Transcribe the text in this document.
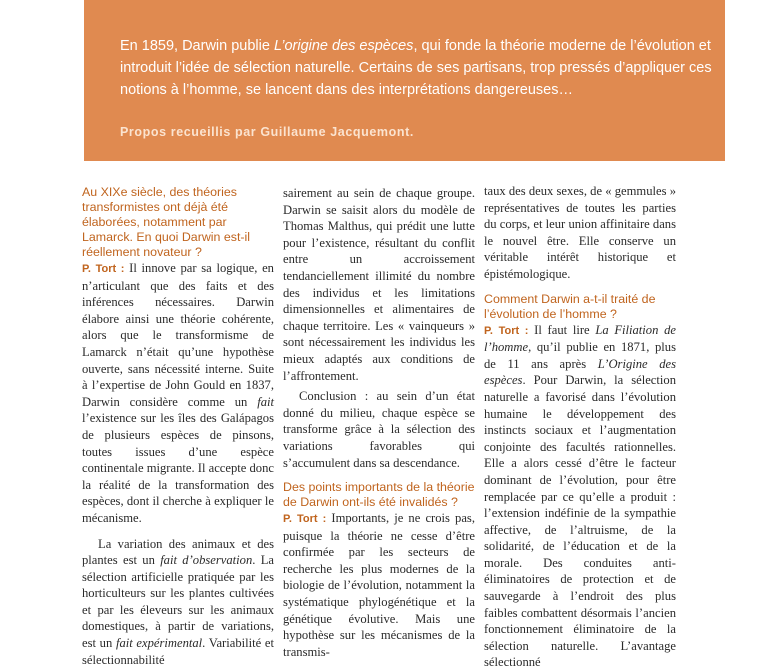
En 1859, Darwin publie L’origine des espèces, qui fonde la théorie moderne de l’évolution et introduit l’idée de sélection naturelle. Certains de ses partisans, trop pressés d’appliquer ces notions à l’homme, se lancent dans des interprétations dangereuses…

Propos recueillis par Guillaume Jacquemont.

Au XIXe siècle, des théories transformistes ont déjà été élaborées, notamment par Lamarck. En quoi Darwin est-il réellement novateur ?

P. Tort : Il innove par sa logique, en n’articulant que des faits et des inférences nécessaires. Darwin élabore ainsi une théorie cohérente, alors que le transformisme de Lamarck n’était qu’une hypothèse ouverte, sans nécessité interne. Suite à l’expertise de John Gould en 1837, Darwin considère comme un fait l’existence sur les îles des Galápagos de plusieurs espèces de pinsons, toutes issues d’une espèce continentale migrante. Il accepte donc la réalité de la transformation des espèces, dont il cherche à expliquer le mécanisme.

La variation des animaux et des plantes est un fait d’observation. La sélection artificielle pratiquée par les horticulteurs sur les plantes cultivées et par les éleveurs sur les animaux domestiques, à partir de variations, est un fait expérimental. Variabilité et sélectionnabilité

sairement au sein de chaque groupe. Darwin se saisit alors du modèle de Thomas Malthus, qui prédit une lutte pour l’existence, résultant du conflit entre un accroissement tendanciellement illimité du nombre des individus et les limitations dimensionnelles et alimentaires de chaque territoire. Les « vainqueurs » sont nécessairement les individus les mieux adaptés aux conditions de l’affrontement.

Conclusion : au sein d’un état donné du milieu, chaque espèce se transforme grâce à la sélection des variations favorables qui s’accumulent dans sa descendance.

Des points importants de la théorie de Darwin ont-ils été invalidés ?

P. Tort : Importants, je ne crois pas, puisque la théorie ne cesse d’être confirmée par les secteurs de recherche les plus modernes de la biologie de l’évolution, notamment la systématique phylogénétique et la génétique évolutive. Mais une hypothèse sur les mécanismes de la transmis-

taux des deux sexes, de « gemmules » représentatives de toutes les parties du corps, et leur union affinitaire dans le nouvel être. Elle conserve un véritable intérêt historique et épistémologique.

Comment Darwin a-t-il traité de l’évolution de l’homme ?

P. Tort : Il faut lire La Filiation de l’homme, qu’il publie en 1871, plus de 11 ans après L’Origine des espèces. Pour Darwin, la sélection naturelle a favorisé dans l’évolution humaine le développement des instincts sociaux et l’augmentation conjointe des facultés rationnelles. Elle a alors cessé d’être le facteur dominant de l’évolution, pour être remplacée par ce qu’elle a produit : l’extension indéfinie de la sympathie affective, de l’altruisme, de la solidarité, de l’éducation et de la morale. Des conduites anti-éliminatoires de protection et de sauvegarde à l’endroit des plus faibles combattent désormais l’ancien fonctionnement éliminatoire de la sélection naturelle. L’avantage sélectionné
